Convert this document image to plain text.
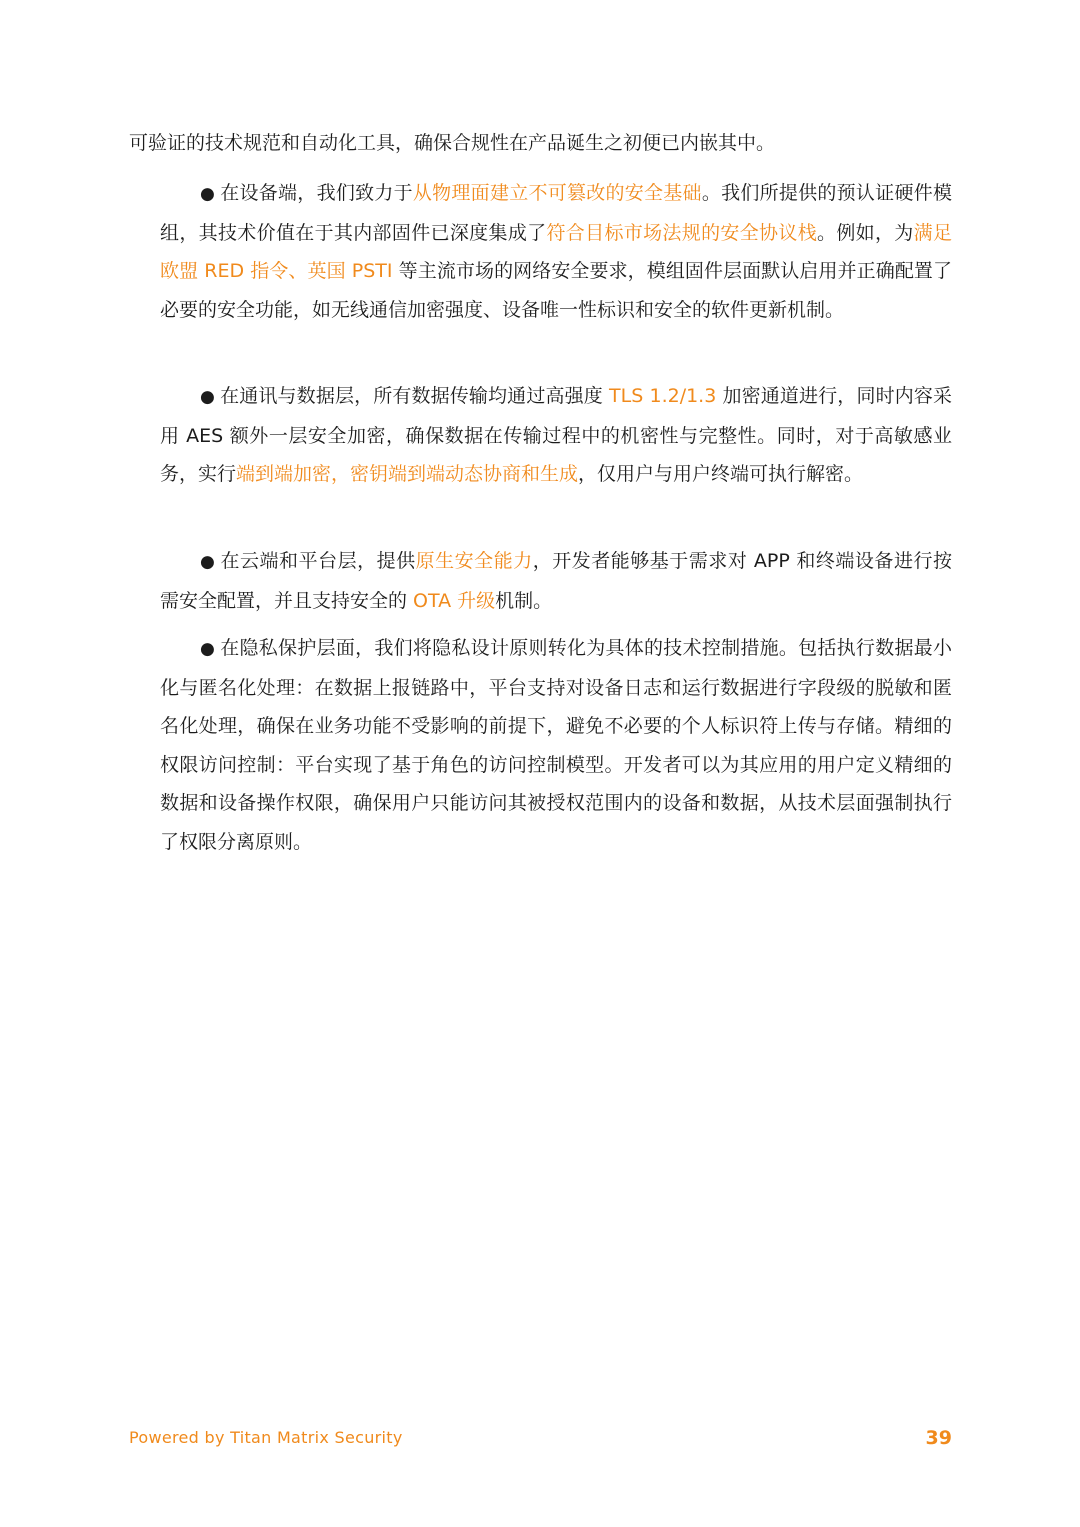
可验证的技术规范和自动化工具，确保合规性在产品诞生之初便已内嵌其中。

● 在设备端，我们致力于从物理面建立不可篡改的安全基础。我们所提供的预认证硬件模组，其技术价值在于其内部固件已深度集成了符合目标市场法规的安全协议栈。例如，为满足欧盟 RED 指令、英国 PSTI 等主流市场的网络安全要求，模组固件层面默认启用并正确配置了必要的安全功能，如无线通信加密强度、设备唯一性标识和安全的软件更新机制。

● 在通讯与数据层，所有数据传输均通过高强度 TLS 1.2/1.3 加密通道进行，同时内容采用 AES 额外一层安全加密，确保数据在传输过程中的机密性与完整性。同时，对于高敏感业务，实行端到端加密，密钥端到端动态协商和生成，仅用户与用户终端可执行解密。

● 在云端和平台层，提供原生安全能力，开发者能够基于需求对 APP 和终端设备进行按需安全配置，并且支持安全的 OTA 升级机制。

● 在隐私保护层面，我们将隐私设计原则转化为具体的技术控制措施。包括执行数据最小化与匿名化处理：在数据上报链路中，平台支持对设备日志和运行数据进行字段级的脱敏和匿名化处理，确保在业务功能不受影响的前提下，避免不必要的个人标识符上传与存储。精细的权限访问控制：平台实现了基于角色的访问控制模型。开发者可以为其应用的用户定义精细的数据和设备操作权限，确保用户只能访问其被授权范围内的设备和数据，从技术层面强制执行了权限分离原则。

Powered by Titan Matrix Security	39
